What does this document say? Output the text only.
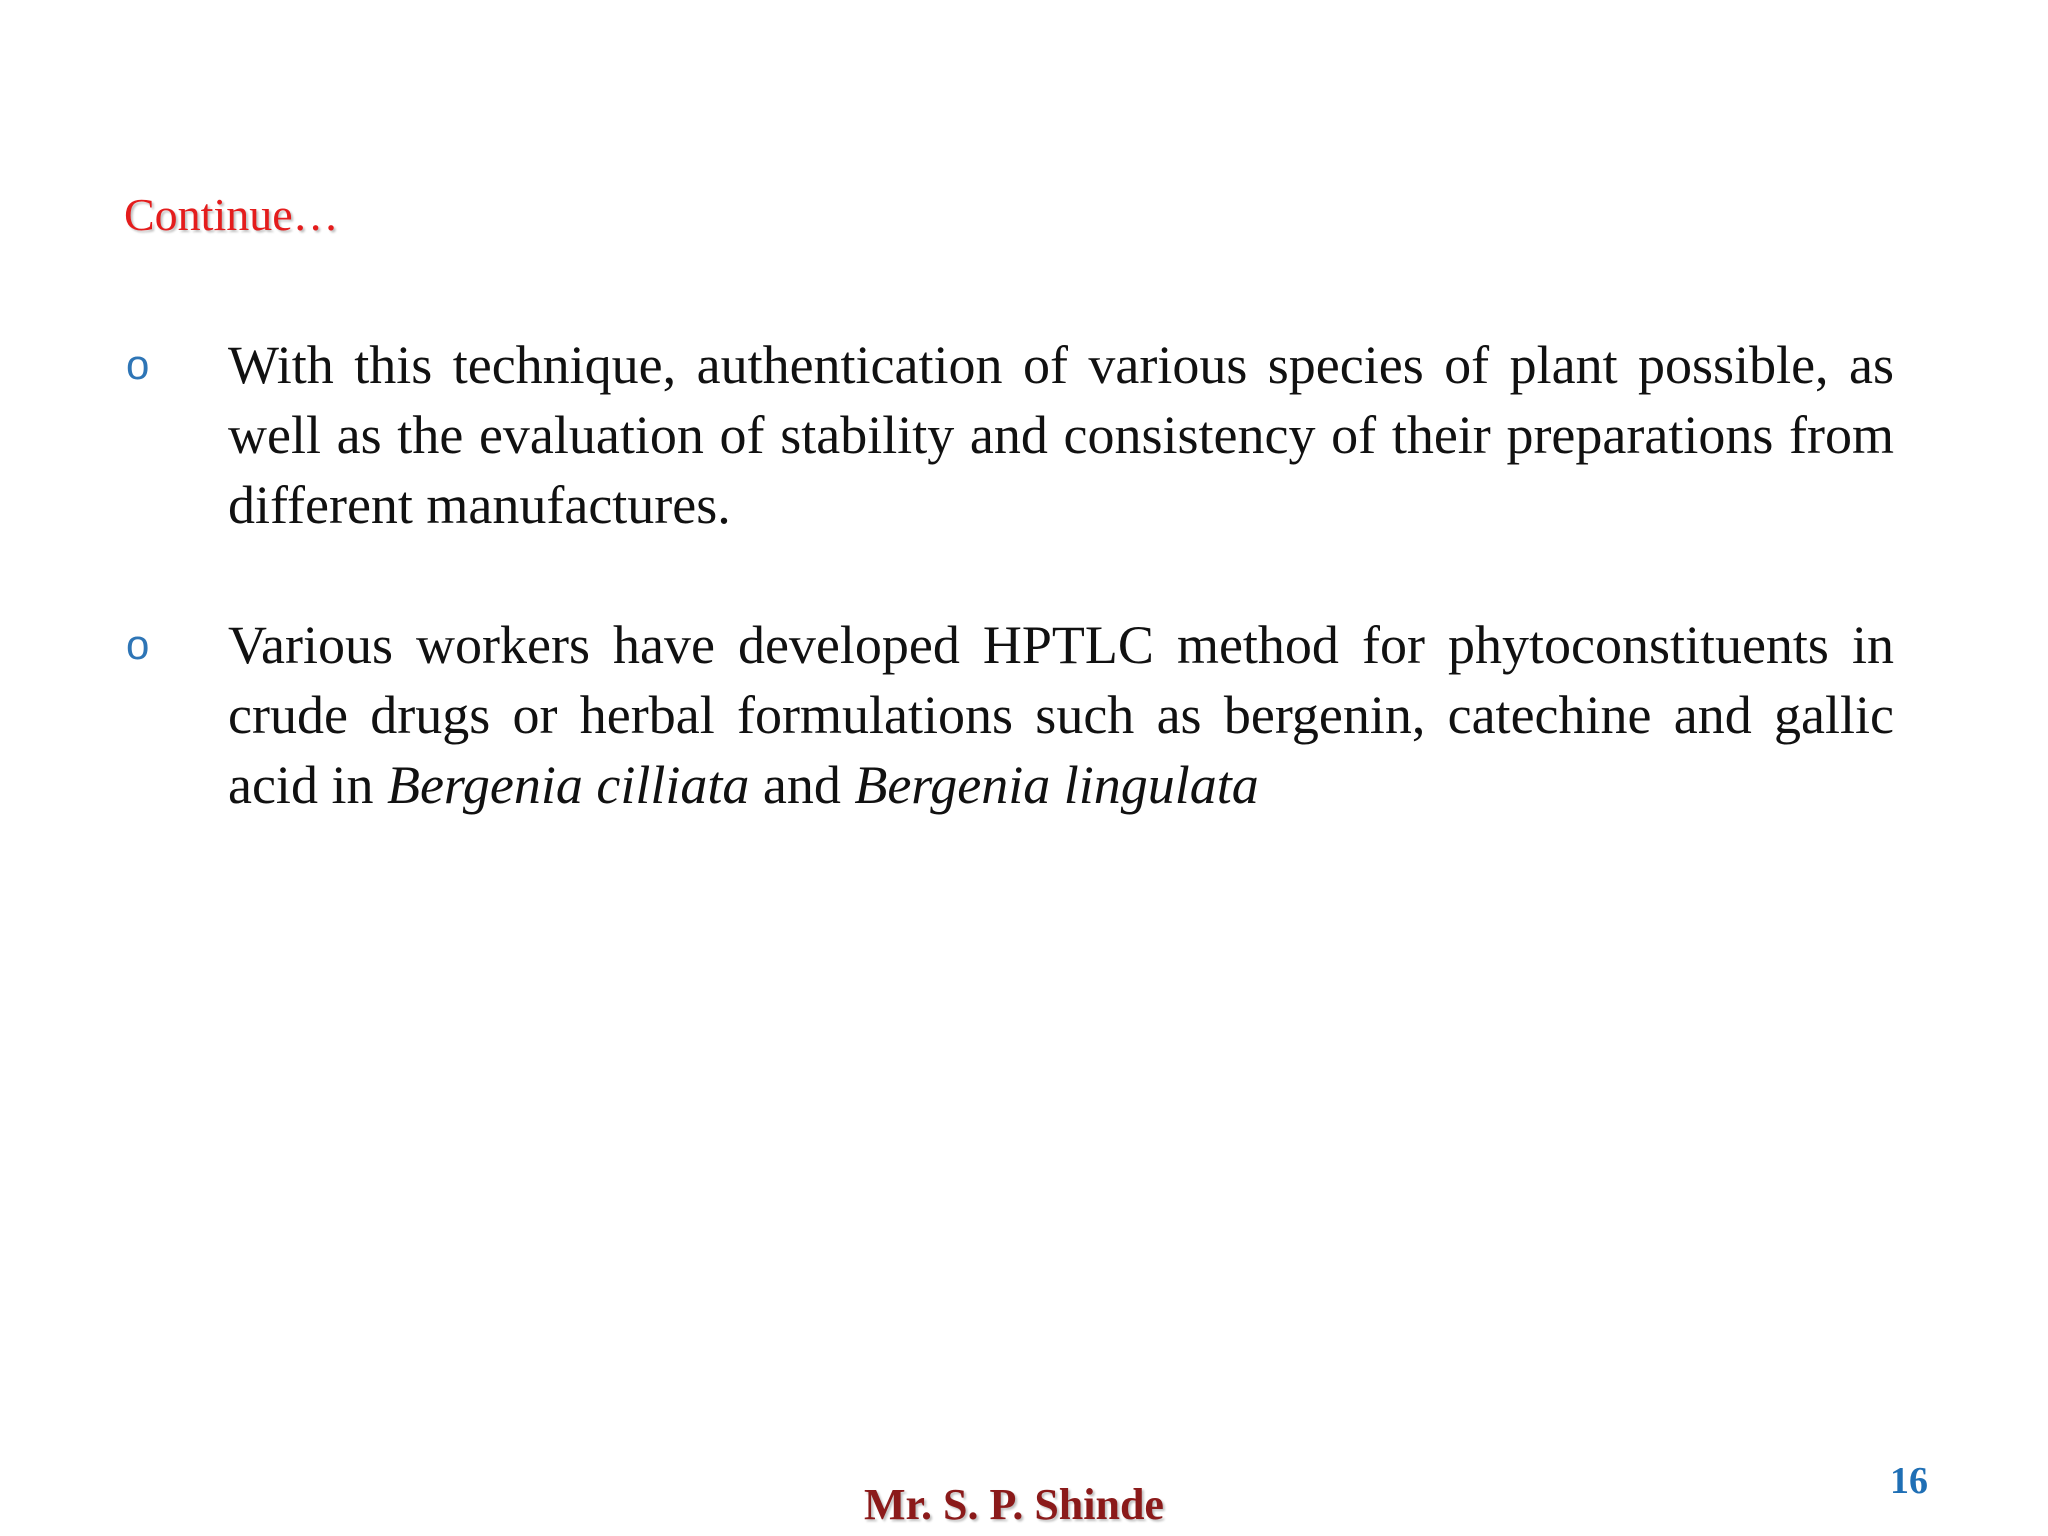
Continue…
o With this technique, authentication of various species of plant possible, as well as the evaluation of stability and consistency of their preparations from different manufactures.

o Various workers have developed HPTLC method for phytoconstituents in crude drugs or herbal formulations such as bergenin, catechine and gallic acid in Bergenia cilliata and Bergenia lingulata

Mr. S. P. Shinde	16
